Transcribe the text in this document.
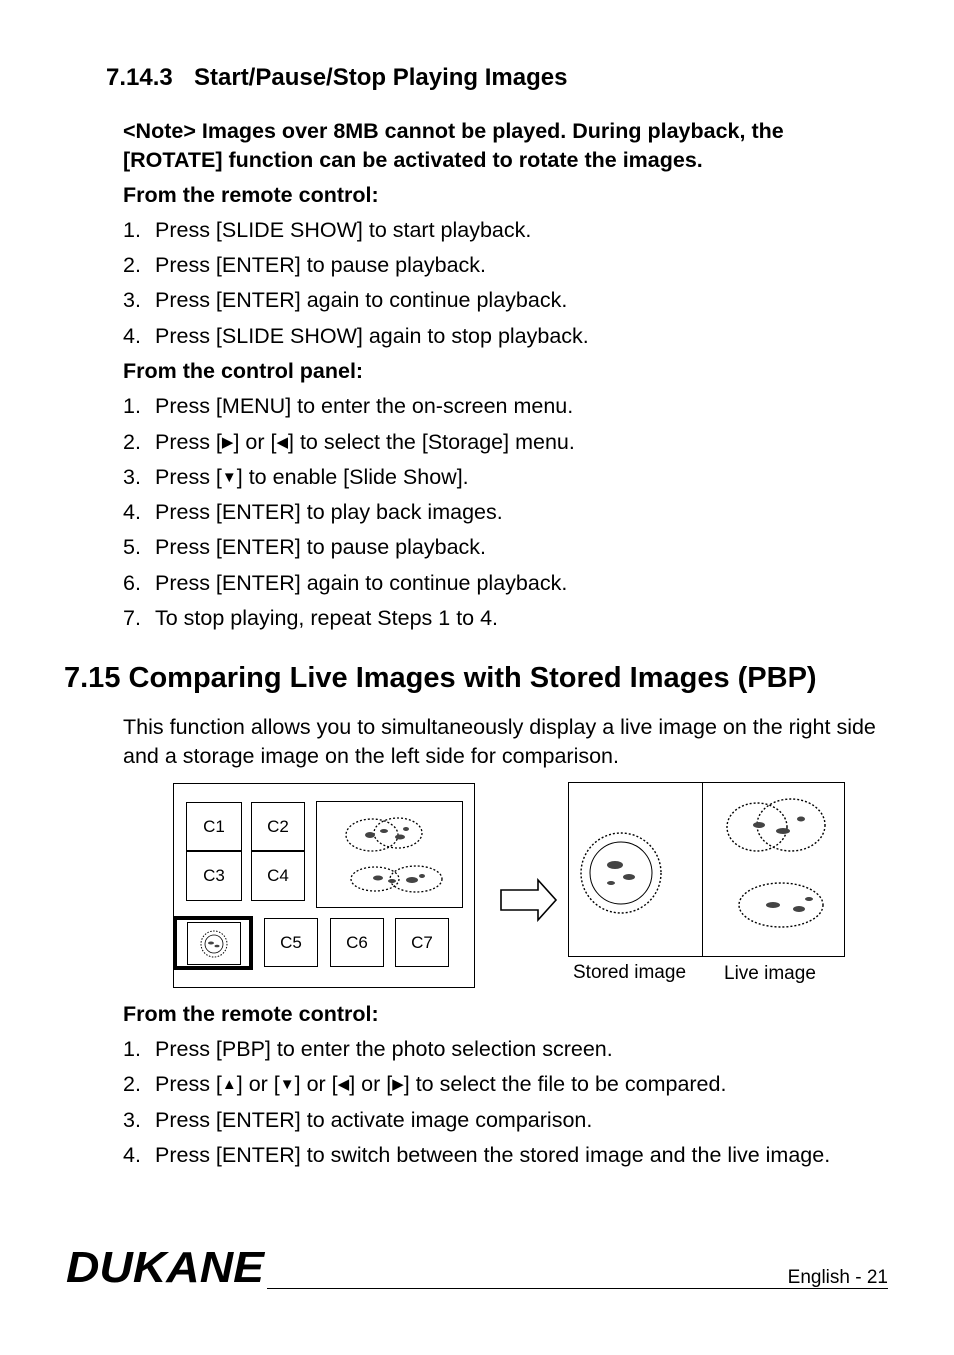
7.14.3 Start/Pause/Stop Playing Images
<Note> Images over 8MB cannot be played. During playback, the [ROTATE] function can be activated to rotate the images.
From the remote control:
1. Press [SLIDE SHOW] to start playback.
2. Press [ENTER] to pause playback.
3. Press [ENTER] again to continue playback.
4. Press [SLIDE SHOW] again to stop playback.
From the control panel:
1. Press [MENU] to enter the on-screen menu.
2. Press [▶] or [◀] to select the [Storage] menu.
3. Press [▼] to enable [Slide Show].
4. Press [ENTER] to play back images.
5. Press [ENTER] to pause playback.
6. Press [ENTER] again to continue playback.
7. To stop playing, repeat Steps 1 to 4.
7.15 Comparing Live Images with Stored Images (PBP)
This function allows you to simultaneously display a live image on the right side and a storage image on the left side for comparison.
C1	C2
C3	C4
C5	C6	C7
Stored image Live image
From the remote control:
1. Press [PBP] to enter the photo selection screen.
2. Press [▲] or [▼] or [◀] or [▶] to select the file to be compared.
3. Press [ENTER] to activate image comparison.
4. Press [ENTER] to switch between the stored image and the live image.
DUKANE	English - 21
